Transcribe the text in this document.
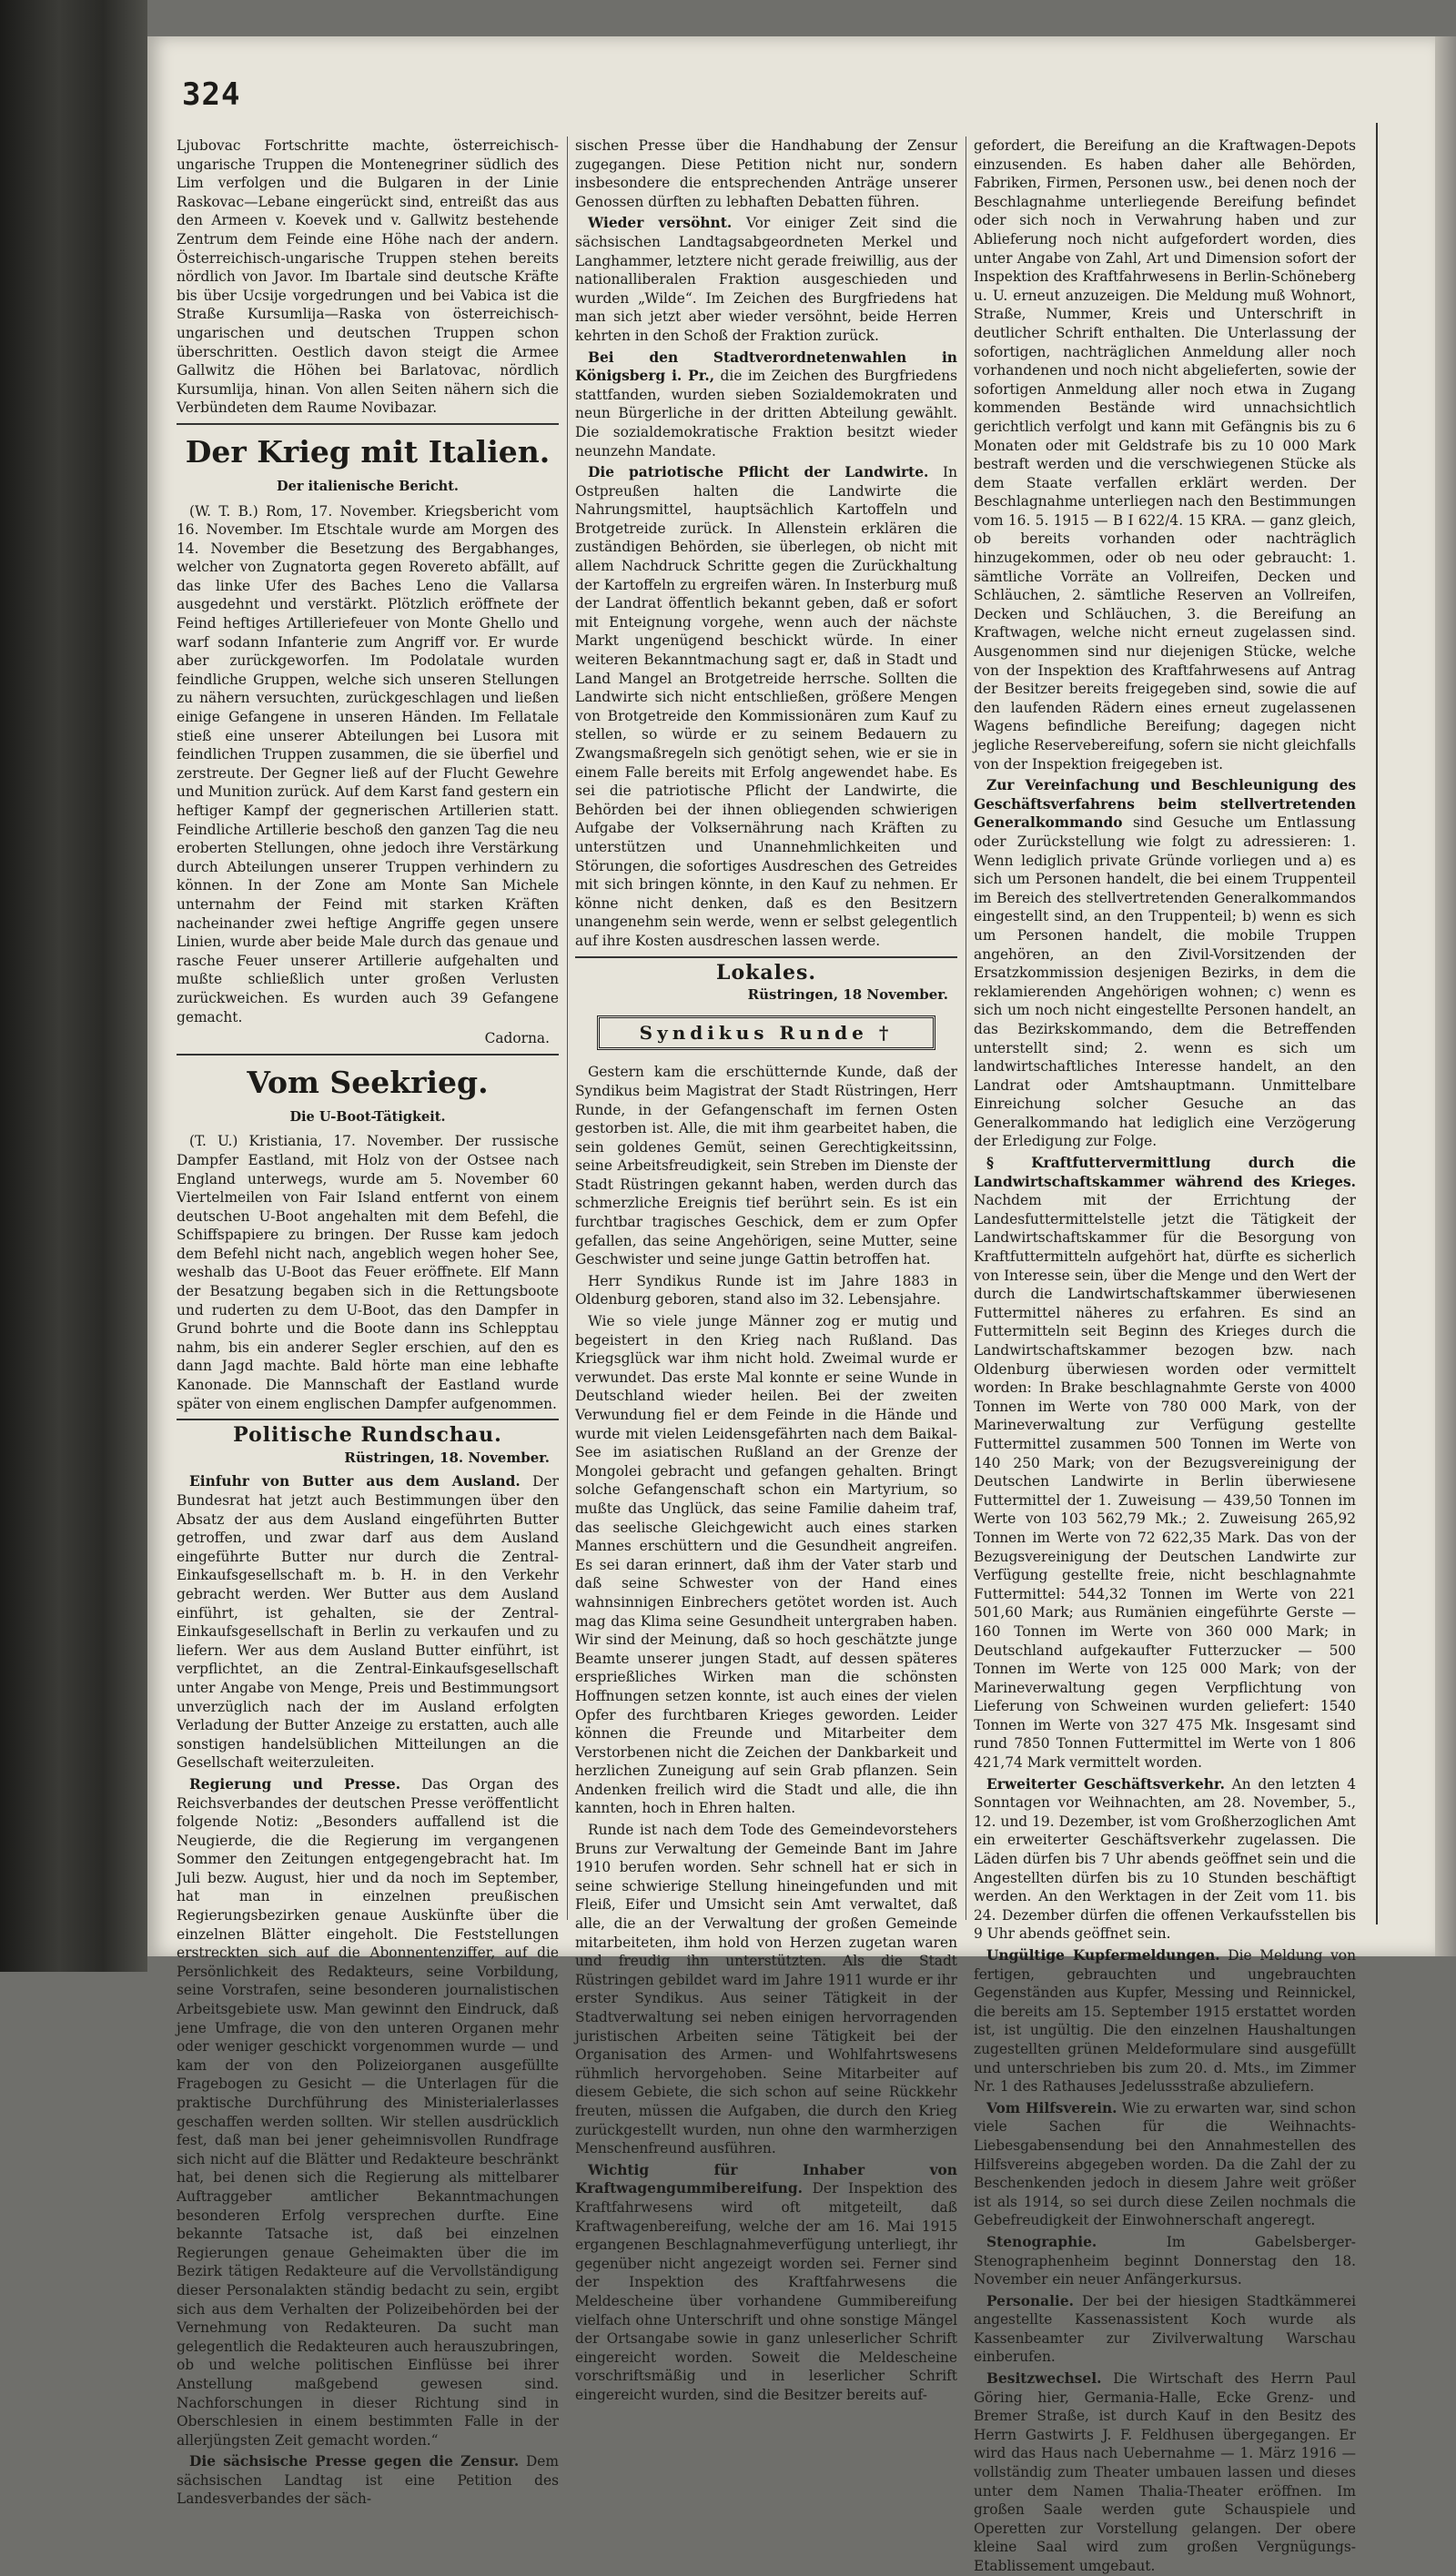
324

Ljubovac Fortschritte machte, österreichisch-ungarische Truppen die Montenegriner südlich des Lim verfolgen und die Bulgaren in der Linie Raskovac—Lebane eingerückt sind, entreißt das aus den Armeen v. Koevek und v. Gallwitz bestehende Zentrum dem Feinde eine Höhe nach der andern. Österreichisch-ungarische Truppen stehen bereits nördlich von Javor. Im Ibartale sind deutsche Kräfte bis über Ucsije vorgedrungen und bei Vabica ist die Straße Kursumlija—Raska von österreichisch-ungarischen und deutschen Truppen schon überschritten. Oestlich davon steigt die Armee Gallwitz die Höhen bei Barlatovac, nördlich Kursumlija, hinan. Von allen Seiten nähern sich die Verbündeten dem Raume Novibazar.

Der Krieg mit Italien.
Der italienische Bericht.

(W. T. B.) Rom, 17. November. Kriegsbericht vom 16. November. Im Etschtale wurde am Morgen des 14. November die Besetzung des Bergabhanges, welcher von Zugnatorta gegen Rovereto abfällt, auf das linke Ufer des Baches Leno die Vallarsa ausgedehnt und verstärkt. Plötzlich eröffnete der Feind heftiges Artilleriefeuer von Monte Ghello und warf sodann Infanterie zum Angriff vor. Er wurde aber zurückgeworfen. Im Podolatale wurden feindliche Gruppen, welche sich unseren Stellungen zu nähern versuchten, zurückgeschlagen und ließen einige Gefangene in unseren Händen. Im Fellatale stieß eine unserer Abteilungen bei Lusora mit feindlichen Truppen zusammen, die sie überfiel und zerstreute. Der Gegner ließ auf der Flucht Gewehre und Munition zurück. Auf dem Karst fand gestern ein heftiger Kampf der gegnerischen Artillerien statt. Feindliche Artillerie beschoß den ganzen Tag die neu eroberten Stellungen, ohne jedoch ihre Verstärkung durch Abteilungen unserer Truppen verhindern zu können. In der Zone am Monte San Michele unternahm der Feind mit starken Kräften nacheinander zwei heftige Angriffe gegen unsere Linien, wurde aber beide Male durch das genaue und rasche Feuer unserer Artillerie aufgehalten und mußte schließlich unter großen Verlusten zurückweichen. Es wurden auch 39 Gefangene gemacht.

Cadorna.

Vom Seekrieg.
Die U-Boot-Tätigkeit.

(T. U.) Kristiania, 17. November. Der russische Dampfer Eastland, mit Holz von der Ostsee nach England unterwegs, wurde am 5. November 60 Viertelmeilen von Fair Island entfernt von einem deutschen U-Boot angehalten mit dem Befehl, die Schiffspapiere zu bringen. Der Russe kam jedoch dem Befehl nicht nach, angeblich wegen hoher See, weshalb das U-Boot das Feuer eröffnete. Elf Mann der Besatzung begaben sich in die Rettungsboote und ruderten zu dem U-Boot, das den Dampfer in Grund bohrte und die Boote dann ins Schlepptau nahm, bis ein anderer Segler erschien, auf den es dann Jagd machte. Bald hörte man eine lebhafte Kanonade. Die Mannschaft der Eastland wurde später von einem englischen Dampfer aufgenommen.

Politische Rundschau.
Rüstringen, 18. November.

Einfuhr von Butter aus dem Ausland. Der Bundesrat hat jetzt auch Bestimmungen über den Absatz der aus dem Ausland eingeführten Butter getroffen, und zwar darf aus dem Ausland eingeführte Butter nur durch die Zentral-Einkaufsgesellschaft m. b. H. in den Verkehr gebracht werden. Wer Butter aus dem Ausland einführt, ist gehalten, sie der Zentral-Einkaufsgesellschaft in Berlin zu verkaufen und zu liefern. Wer aus dem Ausland Butter einführt, ist verpflichtet, an die Zentral-Einkaufsgesellschaft unter Angabe von Menge, Preis und Bestimmungsort unverzüglich nach der im Ausland erfolgten Verladung der Butter Anzeige zu erstatten, auch alle sonstigen handelsüblichen Mitteilungen an die Gesellschaft weiterzuleiten.

Regierung und Presse. Das Organ des Reichsverbandes der deutschen Presse veröffentlicht folgende Notiz: „Besonders auffallend ist die Neugierde, die die Regierung im vergangenen Sommer den Zeitungen entgegengebracht hat. Im Juli bezw. August, hier und da noch im September, hat man in einzelnen preußischen Regierungsbezirken genaue Auskünfte über die einzelnen Blätter eingeholt. Die Feststellungen erstreckten sich auf die Abonnentenziffer, auf die Persönlichkeit des Redakteurs, seine Vorbildung, seine Vorstrafen, seine besonderen journalistischen Arbeitsgebiete usw. Man gewinnt den Eindruck, daß jene Umfrage, die von den unteren Organen mehr oder weniger geschickt vorgenommen wurde — und kam der von den Polizeiorganen ausgefüllte Fragebogen zu Gesicht — die Unterlagen für die praktische Durchführung des Ministerialerlasses geschaffen werden sollten. Wir stellen ausdrücklich fest, daß man bei jener geheimnisvollen Rundfrage sich nicht auf die Blätter und Redakteure beschränkt hat, bei denen sich die Regierung als mittelbarer Auftraggeber amtlicher Bekanntmachungen besonderen Erfolg versprechen durfte. Eine bekannte Tatsache ist, daß bei einzelnen Regierungen genaue Geheimakten über die im Bezirk tätigen Redakteure auf die Vervollständigung dieser Personalakten ständig bedacht zu sein, ergibt sich aus dem Verhalten der Polizeibehörden bei der Vernehmung von Redakteuren. Da sucht man gelegentlich die Redakteuren auch herauszubringen, ob und welche politischen Einflüsse bei ihrer Anstellung maßgebend gewesen sind. Nachforschungen in dieser Richtung sind in Oberschlesien in einem bestimmten Falle in der allerjüngsten Zeit gemacht worden.“

Die sächsische Presse gegen die Zensur. Dem sächsischen Landtag ist eine Petition des Landesverbandes der säch-

sischen Presse über die Handhabung der Zensur zugegangen. Diese Petition nicht nur, sondern insbesondere die entsprechenden Anträge unserer Genossen dürften zu lebhaften Debatten führen.

Wieder versöhnt. Vor einiger Zeit sind die sächsischen Landtagsabgeordneten Merkel und Langhammer, letztere nicht gerade freiwillig, aus der nationalliberalen Fraktion ausgeschieden und wurden „Wilde“. Im Zeichen des Burgfriedens hat man sich jetzt aber wieder versöhnt, beide Herren kehrten in den Schoß der Fraktion zurück.

Bei den Stadtverordnetenwahlen in Königsberg i. Pr., die im Zeichen des Burgfriedens stattfanden, wurden sieben Sozialdemokraten und neun Bürgerliche in der dritten Abteilung gewählt. Die sozialdemokratische Fraktion besitzt wieder neunzehn Mandate.

Die patriotische Pflicht der Landwirte. In Ostpreußen halten die Landwirte die Nahrungsmittel, hauptsächlich Kartoffeln und Brotgetreide zurück. In Allenstein erklären die zuständigen Behörden, sie überlegen, ob nicht mit allem Nachdruck Schritte gegen die Zurückhaltung der Kartoffeln zu ergreifen wären. In Insterburg muß der Landrat öffentlich bekannt geben, daß er sofort mit Enteignung vorgehe, wenn auch der nächste Markt ungenügend beschickt würde. In einer weiteren Bekanntmachung sagt er, daß in Stadt und Land Mangel an Brotgetreide herrsche. Sollten die Landwirte sich nicht entschließen, größere Mengen von Brotgetreide den Kommissionären zum Kauf zu stellen, so würde er zu seinem Bedauern zu Zwangsmaßregeln sich genötigt sehen, wie er sie in einem Falle bereits mit Erfolg angewendet habe. Es sei die patriotische Pflicht der Landwirte, die Behörden bei der ihnen obliegenden schwierigen Aufgabe der Volksernährung nach Kräften zu unterstützen und Unannehmlichkeiten und Störungen, die sofortiges Ausdreschen des Getreides mit sich bringen könnte, in den Kauf zu nehmen. Er könne nicht denken, daß es den Besitzern unangenehm sein werde, wenn er selbst gelegentlich auf ihre Kosten ausdreschen lassen werde.

Lokales.
Rüstringen, 18 November.
Syndikus Runde †

Gestern kam die erschütternde Kunde, daß der Syndikus beim Magistrat der Stadt Rüstringen, Herr Runde, in der Gefangenschaft im fernen Osten gestorben ist. Alle, die mit ihm gearbeitet haben, die sein goldenes Gemüt, seinen Gerechtigkeitssinn, seine Arbeitsfreudigkeit, sein Streben im Dienste der Stadt Rüstringen gekannt haben, werden durch das schmerzliche Ereignis tief berührt sein. Es ist ein furchtbar tragisches Geschick, dem er zum Opfer gefallen, das seine Angehörigen, seine Mutter, seine Geschwister und seine junge Gattin betroffen hat.

Herr Syndikus Runde ist im Jahre 1883 in Oldenburg geboren, stand also im 32. Lebensjahre.

Wie so viele junge Männer zog er mutig und begeistert in den Krieg nach Rußland. Das Kriegsglück war ihm nicht hold. Zweimal wurde er verwundet. Das erste Mal konnte er seine Wunde in Deutschland wieder heilen. Bei der zweiten Verwundung fiel er dem Feinde in die Hände und wurde mit vielen Leidensgefährten nach dem Baikal-See im asiatischen Rußland an der Grenze der Mongolei gebracht und gefangen gehalten. Bringt solche Gefangenschaft schon ein Martyrium, so mußte das Unglück, das seine Familie daheim traf, das seelische Gleichgewicht auch eines starken Mannes erschüttern und die Gesundheit angreifen. Es sei daran erinnert, daß ihm der Vater starb und daß seine Schwester von der Hand eines wahnsinnigen Einbrechers getötet worden ist. Auch mag das Klima seine Gesundheit untergraben haben. Wir sind der Meinung, daß so hoch geschätzte junge Beamte unserer jungen Stadt, auf dessen späteres ersprießliches Wirken man die schönsten Hoffnungen setzen konnte, ist auch eines der vielen Opfer des furchtbaren Krieges geworden. Leider können die Freunde und Mitarbeiter dem Verstorbenen nicht die Zeichen der Dankbarkeit und herzlichen Zuneigung auf sein Grab pflanzen. Sein Andenken freilich wird die Stadt und alle, die ihn kannten, hoch in Ehren halten.

Runde ist nach dem Tode des Gemeindevorstehers Bruns zur Verwaltung der Gemeinde Bant im Jahre 1910 berufen worden. Sehr schnell hat er sich in seine schwierige Stellung hineingefunden und mit Fleiß, Eifer und Umsicht sein Amt verwaltet, daß alle, die an der Verwaltung der großen Gemeinde mitarbeiteten, ihm hold von Herzen zugetan waren und freudig ihn unterstützten. Als die Stadt Rüstringen gebildet ward im Jahre 1911 wurde er ihr erster Syndikus. Aus seiner Tätigkeit in der Stadtverwaltung sei neben einigen hervorragenden juristischen Arbeiten seine Tätigkeit bei der Organisation des Armen- und Wohlfahrtswesens rühmlich hervorgehoben. Seine Mitarbeiter auf diesem Gebiete, die sich schon auf seine Rückkehr freuten, müssen die Aufgaben, die durch den Krieg zurückgestellt wurden, nun ohne den warmherzigen Menschenfreund ausführen.

Wichtig für Inhaber von Kraftwagengummibereifung. Der Inspektion des Kraftfahrwesens wird oft mitgeteilt, daß Kraftwagenbereifung, welche der am 16. Mai 1915 ergangenen Beschlagnahmeverfügung unterliegt, ihr gegenüber nicht angezeigt worden sei. Ferner sind der Inspektion des Kraftfahrwesens die Meldescheine über vorhandene Gummibereifung vielfach ohne Unterschrift und ohne sonstige Mängel der Ortsangabe sowie in ganz unleserlicher Schrift eingereicht worden. Soweit die Meldescheine vorschriftsmäßig und in leserlicher Schrift eingereicht wurden, sind die Besitzer bereits auf-

gefordert, die Bereifung an die Kraftwagen-Depots einzusenden. Es haben daher alle Behörden, Fabriken, Firmen, Personen usw., bei denen noch der Beschlagnahme unterliegende Bereifung befindet oder sich noch in Verwahrung haben und zur Ablieferung noch nicht aufgefordert worden, dies unter Angabe von Zahl, Art und Dimension sofort der Inspektion des Kraftfahrwesens in Berlin-Schöneberg u. U. erneut anzuzeigen. Die Meldung muß Wohnort, Straße, Nummer, Kreis und Unterschrift in deutlicher Schrift enthalten. Die Unterlassung der sofortigen, nachträglichen Anmeldung aller noch vorhandenen und noch nicht abgelieferten, sowie der sofortigen Anmeldung aller noch etwa in Zugang kommenden Bestände wird unnachsichtlich gerichtlich verfolgt und kann mit Gefängnis bis zu 6 Monaten oder mit Geldstrafe bis zu 10 000 Mark bestraft werden und die verschwiegenen Stücke als dem Staate verfallen erklärt werden. Der Beschlagnahme unterliegen nach den Bestimmungen vom 16. 5. 1915 — B I 622/4. 15 KRA. — ganz gleich, ob bereits vorhanden oder nachträglich hinzugekommen, oder ob neu oder gebraucht: 1. sämtliche Vorräte an Vollreifen, Decken und Schläuchen, 2. sämtliche Reserven an Vollreifen, Decken und Schläuchen, 3. die Bereifung an Kraftwagen, welche nicht erneut zugelassen sind. Ausgenommen sind nur diejenigen Stücke, welche von der Inspektion des Kraftfahrwesens auf Antrag der Besitzer bereits freigegeben sind, sowie die auf den laufenden Rädern eines erneut zugelassenen Wagens befindliche Bereifung; dagegen nicht jegliche Reservebereifung, sofern sie nicht gleichfalls von der Inspektion freigegeben ist.

Zur Vereinfachung und Beschleunigung des Geschäftsverfahrens beim stellvertretenden Generalkommando sind Gesuche um Entlassung oder Zurückstellung wie folgt zu adressieren: 1. Wenn lediglich private Gründe vorliegen und a) es sich um Personen handelt, die bei einem Truppenteil im Bereich des stellvertretenden Generalkommandos eingestellt sind, an den Truppenteil; b) wenn es sich um Personen handelt, die mobile Truppen angehören, an den Zivil-Vorsitzenden der Ersatzkommission desjenigen Bezirks, in dem die reklamierenden Angehörigen wohnen; c) wenn es sich um noch nicht eingestellte Personen handelt, an das Bezirkskommando, dem die Betreffenden unterstellt sind; 2. wenn es sich um landwirtschaftliches Interesse handelt, an den Landrat oder Amtshauptmann. Unmittelbare Einreichung solcher Gesuche an das Generalkommando hat lediglich eine Verzögerung der Erledigung zur Folge.

§ Kraftfuttervermittlung durch die Landwirtschaftskammer während des Krieges. Nachdem mit der Errichtung der Landesfuttermittelstelle jetzt die Tätigkeit der Landwirtschaftskammer für die Besorgung von Kraftfuttermitteln aufgehört hat, dürfte es sicherlich von Interesse sein, über die Menge und den Wert der durch die Landwirtschaftskammer überwiesenen Futtermittel näheres zu erfahren. Es sind an Futtermitteln seit Beginn des Krieges durch die Landwirtschaftskammer bezogen bzw. nach Oldenburg überwiesen worden oder vermittelt worden: In Brake beschlagnahmte Gerste von 4000 Tonnen im Werte von 780 000 Mark, von der Marineverwaltung zur Verfügung gestellte Futtermittel zusammen 500 Tonnen im Werte von 140 250 Mark; von der Bezugsvereinigung der Deutschen Landwirte in Berlin überwiesene Futtermittel der 1. Zuweisung — 439,50 Tonnen im Werte von 103 562,79 Mk.; 2. Zuweisung 265,92 Tonnen im Werte von 72 622,35 Mark. Das von der Bezugsvereinigung der Deutschen Landwirte zur Verfügung gestellte freie, nicht beschlagnahmte Futtermittel: 544,32 Tonnen im Werte von 221 501,60 Mark; aus Rumänien eingeführte Gerste — 160 Tonnen im Werte von 360 000 Mark; in Deutschland aufgekaufter Futterzucker — 500 Tonnen im Werte von 125 000 Mark; von der Marineverwaltung gegen Verpflichtung von Lieferung von Schweinen wurden geliefert: 1540 Tonnen im Werte von 327 475 Mk. Insgesamt sind rund 7850 Tonnen Futtermittel im Werte von 1 806 421,74 Mark vermittelt worden.

Erweiterter Geschäftsverkehr. An den letzten 4 Sonntagen vor Weihnachten, am 28. November, 5., 12. und 19. Dezember, ist vom Großherzoglichen Amt ein erweiterter Geschäftsverkehr zugelassen. Die Läden dürfen bis 7 Uhr abends geöffnet sein und die Angestellten dürfen bis zu 10 Stunden beschäftigt werden. An den Werktagen in der Zeit vom 11. bis 24. Dezember dürfen die offenen Verkaufsstellen bis 9 Uhr abends geöffnet sein.

Ungültige Kupfermeldungen. Die Meldung von fertigen, gebrauchten und ungebrauchten Gegenständen aus Kupfer, Messing und Reinnickel, die bereits am 15. September 1915 erstattet worden ist, ist ungültig. Die den einzelnen Haushaltungen zugestellten grünen Meldeformulare sind ausgefüllt und unterschrieben bis zum 20. d. Mts., im Zimmer Nr. 1 des Rathauses Jedelussstraße abzuliefern.

Vom Hilfsverein. Wie zu erwarten war, sind schon viele Sachen für die Weihnachts-Liebesgabensendung bei den Annahmestellen des Hilfsvereins abgegeben worden. Da die Zahl der zu Beschenkenden jedoch in diesem Jahre weit größer ist als 1914, so sei durch diese Zeilen nochmals die Gebefreudigkeit der Einwohnerschaft angeregt.

Stenographie. Im Gabelsberger-Stenographenheim beginnt Donnerstag den 18. November ein neuer Anfängerkursus.

Personalie. Der bei der hiesigen Stadtkämmerei angestellte Kassenassistent Koch wurde als Kassenbeamter zur Zivilverwaltung Warschau einberufen.

Besitzwechsel. Die Wirtschaft des Herrn Paul Göring hier, Germania-Halle, Ecke Grenz- und Bremer Straße, ist durch Kauf in den Besitz des Herrn Gastwirts J. F. Feldhusen übergegangen. Er wird das Haus nach Uebernahme — 1. März 1916 — vollständig zum Theater umbauen lassen und dieses unter dem Namen Thalia-Theater eröffnen. Im großen Saale werden gute Schauspiele und Operetten zur Vorstellung gelangen. Der obere kleine Saal wird zum großen Vergnügungs-Etablissement umgebaut.
